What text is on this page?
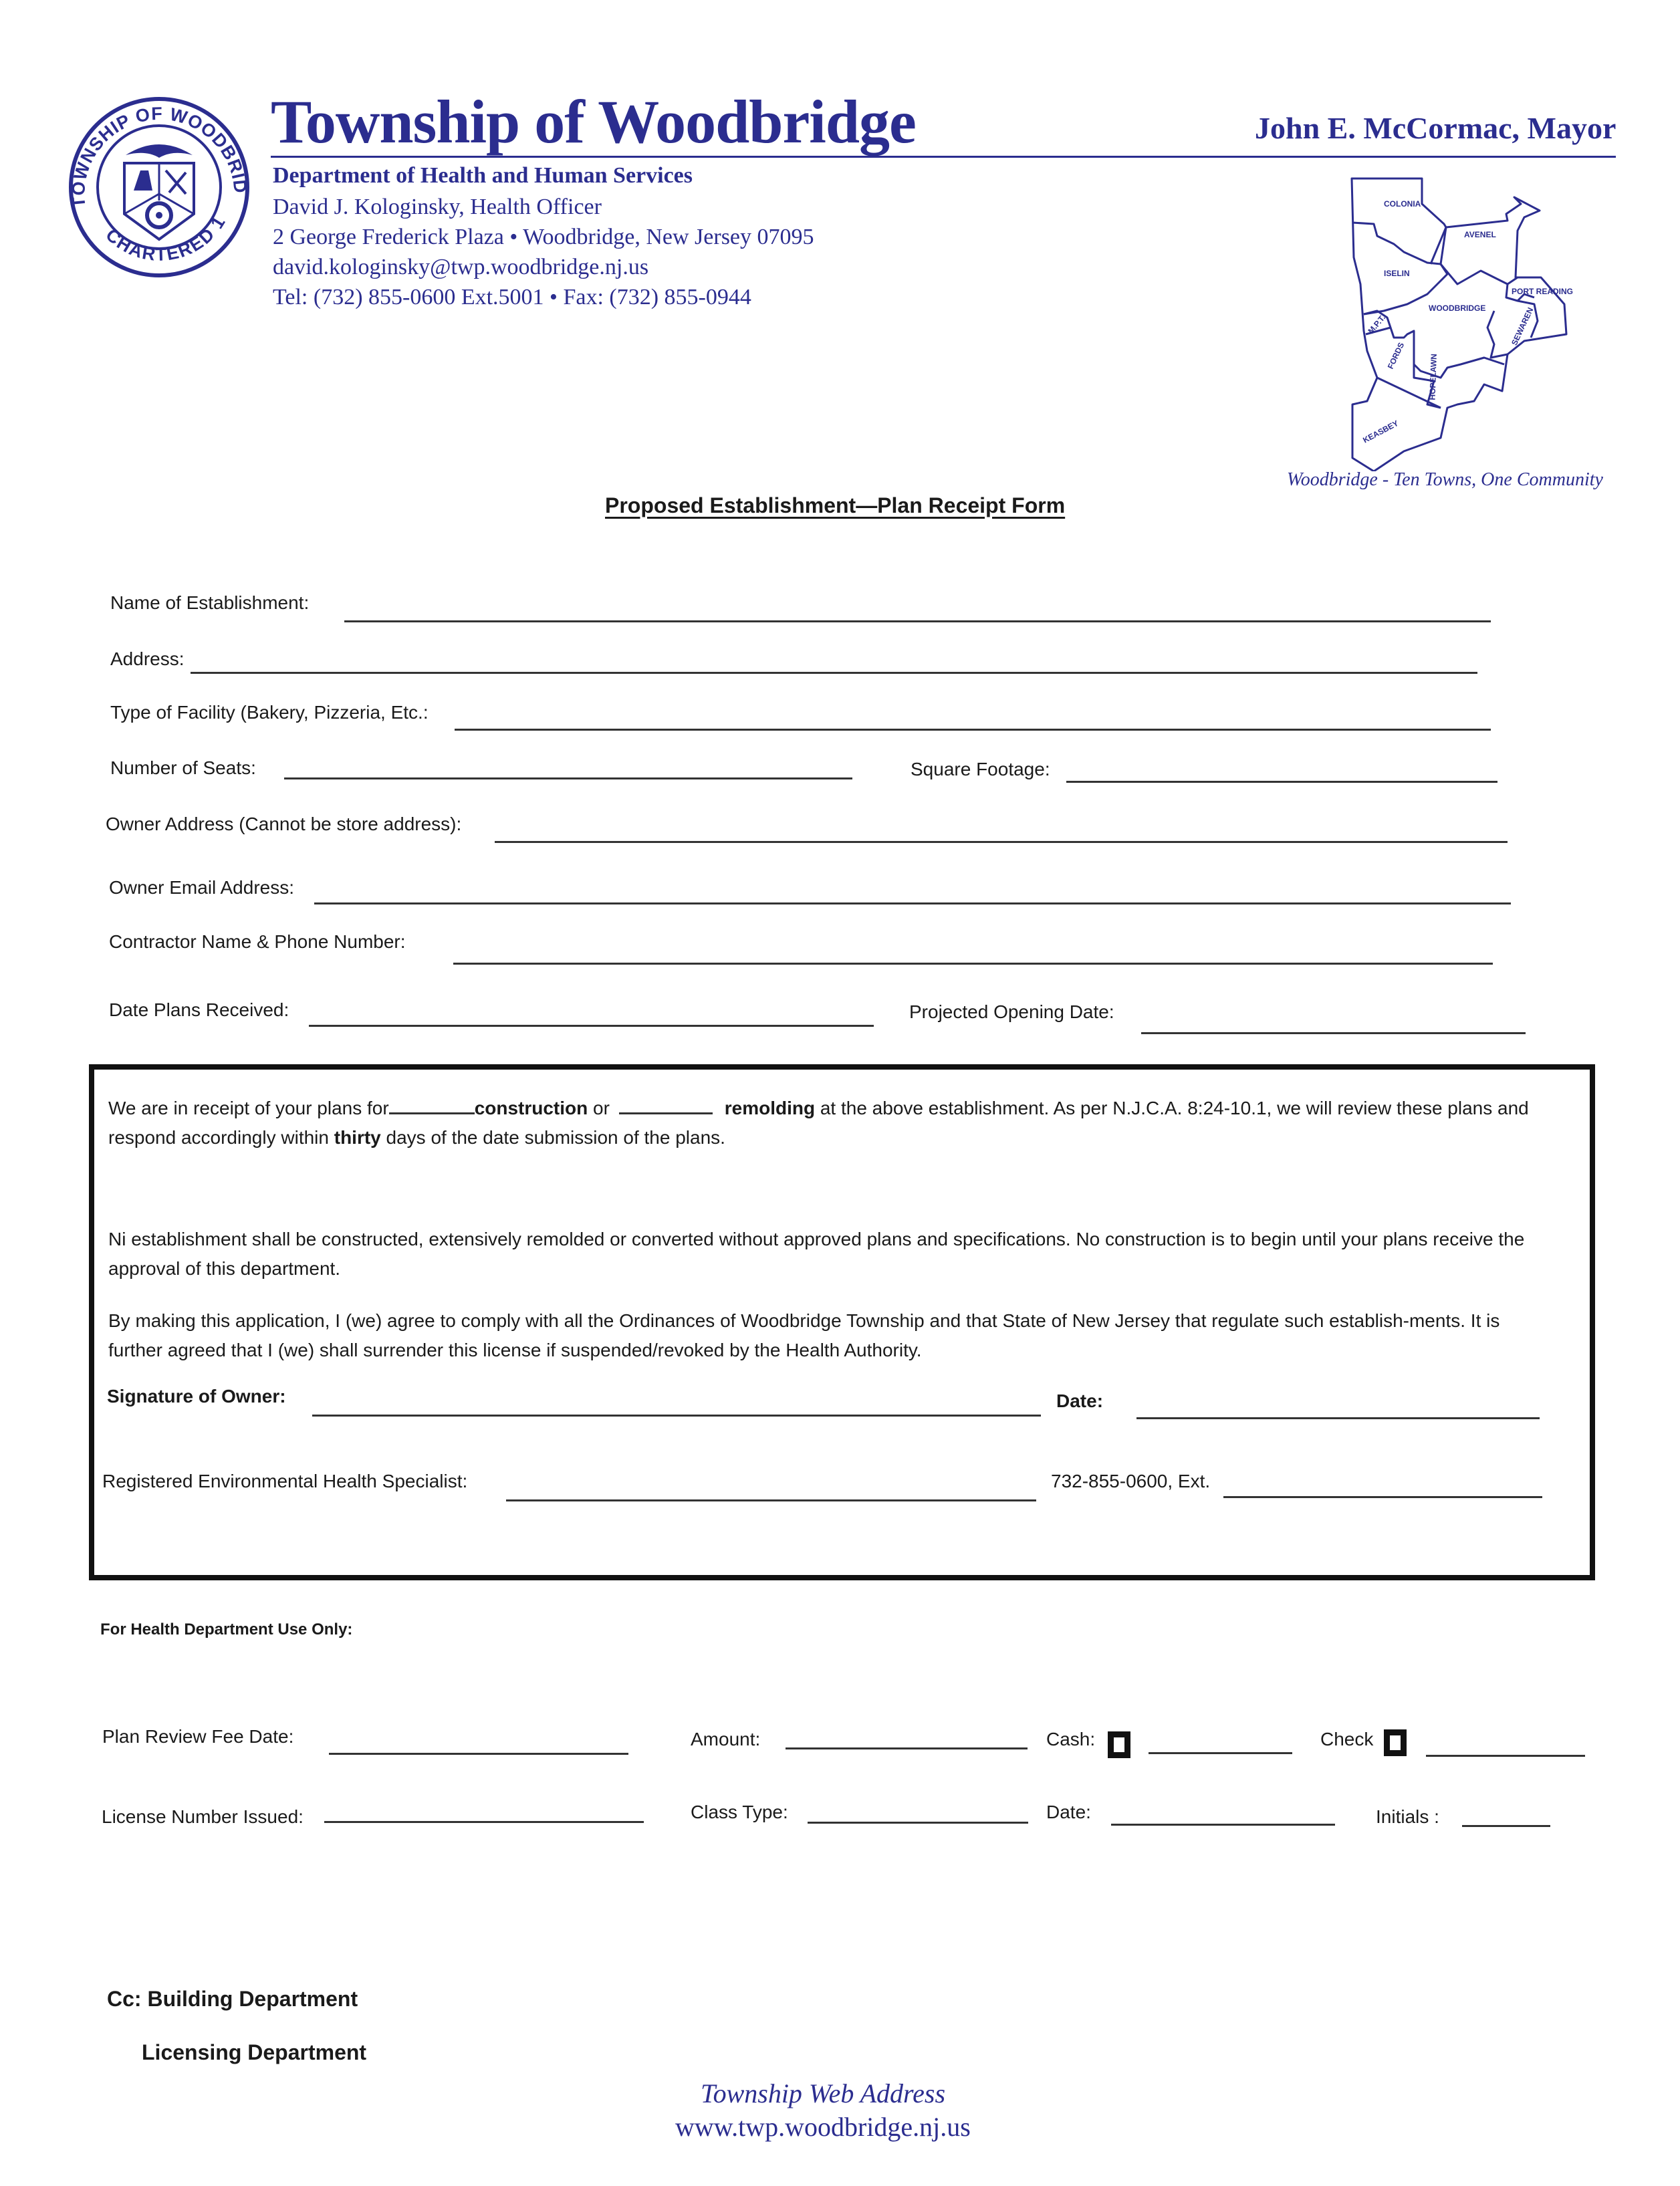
TOWNSHIP OF WOODBRID
CHARTERED 1
Township of Woodbridge	John E. McCormac, Mayor
Department of Health and Human Services
David J. Kologinsky, Health Officer
2 George Frederick Plaza • Woodbridge, New Jersey 07095
david.kologinsky@twp.woodbridge.nj.us
Tel: (732) 855-0600 Ext.5001 • Fax: (732) 855-0944
COLONIA
AVENEL
ISELIN
PORT READING
WOODBRIDGE
M.P.T.	SEWAREN
FORDS	HOPELAWN
KEASBEY
Woodbridge - Ten Towns, One Community
Proposed Establishment—Plan Receipt Form
Name of Establishment:
Address:
Type of Facility (Bakery, Pizzeria, Etc.:
Number of Seats:	Square Footage:
Owner Address (Cannot be store address):
Owner Email Address:
Contractor Name & Phone Number:
Date Plans Received:	Projected Opening Date:
We are in receipt of your plans for	construction or	remolding at the above establishment. As per N.J.C.A. 8:24-10.1, we will review these plans and respond accordingly within thirty days of the date submission of the plans.
Ni establishment shall be constructed, extensively remolded or converted without approved plans and specifications. No construction is to begin until your plans receive the approval of this department.
By making this application, I (we) agree to comply with all the Ordinances of Woodbridge Township and that State of New Jersey that regulate such establish-ments. It is further agreed that I (we) shall surrender this license if suspended/revoked by the Health Authority.
Signature of Owner:	Date:
Registered Environmental Health Specialist:	732-855-0600, Ext.
For Health Department Use Only:
Plan Review Fee Date:	Amount:	Cash:	Check
License Number Issued:	Class Type:	Date:	Initials :
Cc: Building Department
Licensing Department
Township Web Address
www.twp.woodbridge.nj.us
